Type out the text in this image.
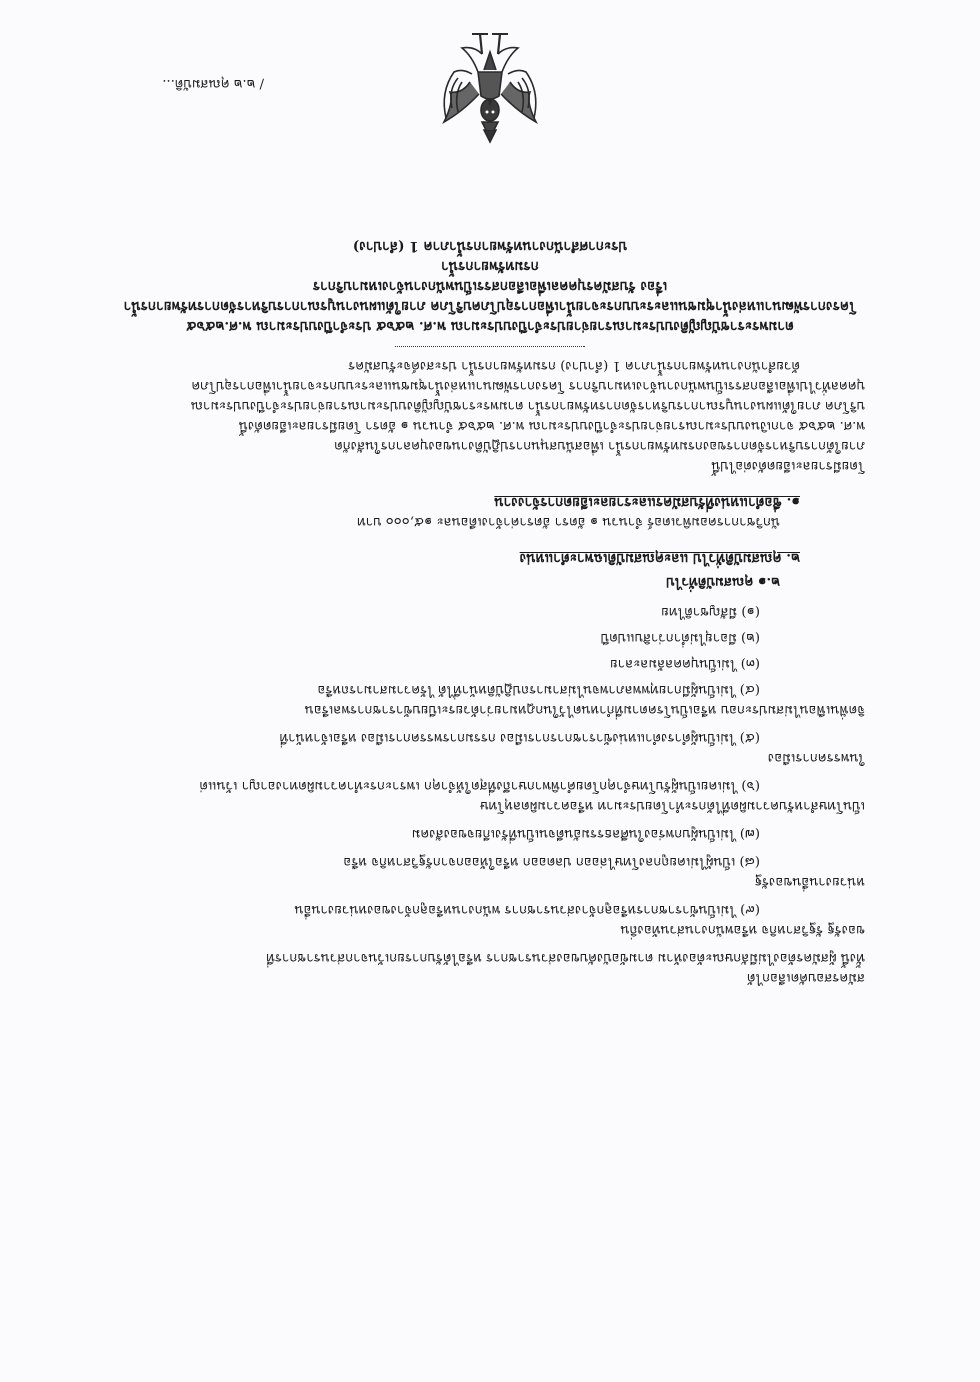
ประกาศสำนักงานทรัพยากรน้ำภาค 1 (ลำปาง)
กรมทรัพยากรน้ำ
เรื่อง รับสมัครบุคคลเพื่อเลือกสรรเป็นพนักงานจ้างเหมาบริการ
โครงการพัฒนาแหล่งน้ำชุมชนและระบบกระจายน้ำเพื่อการอุปโภคบริโภค ภายใต้แผนงานบูรณาการบริหารจัดการทรัพยากรน้ำ
ตามพระราชบัญญัติงบประมาณรายจ่ายประจำปีงบประมาณ พ.ศ. ๒๕๖๕ ประจำปีงบประมาณ พ.ศ.๒๕๖๕
ด้วยสำนักงานทรัพยากรน้ำภาค 1 (ลำปาง) กรมทรัพยากรน้ำ ประสงค์จะรับสมัคร
บุคคลทั่วไปเพื่อเลือกสรรเป็นพนักงานจ้างเหมาบริการ โครงการพัฒนาแหล่งน้ำชุมชนและระบบกระจายน้ำเพื่อการอุปโภค
บริโภค ภายใต้แผนงานบูรณาการบริหารจัดการทรัพยากรน้ำ ตามพระราชบัญญัติงบประมาณรายจ่ายประจำปีงบประมาณ
พ.ศ. ๒๕๖๕ จากเงินงบประมาณรายจ่ายประจำปีงบประมาณ พ.ศ. ๒๕๖๕ จำนวน ๑ อัตรา โดยมีรายละเอียดดังนี้
ภายใต้การบริหารจัดการของกรมทรัพยากรน้ำ เพื่อสนับสนุนการปฏิบัติงานของบุคลากรในสังกัด
โดยมีรายละเอียดดังต่อไปนี้
๑. ชื่อตำแหน่งที่รับสมัครและรายละเอียดการจ้างงาน
นักวิชาการคอมพิวเตอร์ จำนวน ๑ อัตรา อัตราค่าจ้างเดือนละ ๑๕,๐๐๐ บาท
๒. คุณสมบัติทั่วไป และคุณสมบัติเฉพาะตำแหน่ง
๒.๑ คุณสมบัติทั่วไป
(๑) มีสัญชาติไทย
(๒) มีอายุไม่ต่ำกว่าสิบแปดปี
(๓) ไม่เป็นบุคคลล้มละลาย
(๔) ไม่เป็นผู้มีกายทุพพลภาพจนไม่สามารถปฏิบัติหน้าที่ได้ ไร้ความสามารถหรือ
จิตฟั่นเฟือนไม่สมประกอบ หรือเป็นโรคตามที่กำหนดไว้ในกฎหมายว่าด้วยระเบียบข้าราชการพลเรือน
(๕) ไม่เป็นผู้ดำรงตำแหน่งข้าราชการการเมือง กรรมการพรรคการเมือง หรือเจ้าหน้าที่
ในพรรคการเมือง
(๖) ไม่เคยเป็นผู้รับโทษจำคุกโดยคำพิพากษาถึงที่สุดให้จำคุก เพราะกระทำความผิดทางอาญา เว้นแต่
เป็นโทษสำหรับความผิดที่ได้กระทำโดยประมาท หรือความผิดลหุโทษ
(๗) ไม่เป็นผู้บกพร่องในศีลธรรมอันดีจนเป็นที่รังเกียจของสังคม
(๘) เป็นผู้ไม่เคยถูกลงโทษไล่ออก ปลดออก หรือให้ออกจากรัฐวิสาหกิจ หรือ
หน่วยงานอื่นของรัฐ
(๙) ไม่เป็นข้าราชการหรือลูกจ้างส่วนราชการ พนักงานหรือลูกจ้างของหน่วยงานอื่น
ของรัฐ รัฐวิสาหกิจ หรือพนักงานส่วนท้องถิ่น
ทั้งนี้ ผู้สมัครต้องไม่มีลักษณะต้องห้าม ตามข้อบังคับของส่วนราชการ หรือได้รับการยกเว้นจากส่วนราชการที่
สมัครสอบคัดเลือกได้
/ ๒.๒ คุณสมบัติ...
